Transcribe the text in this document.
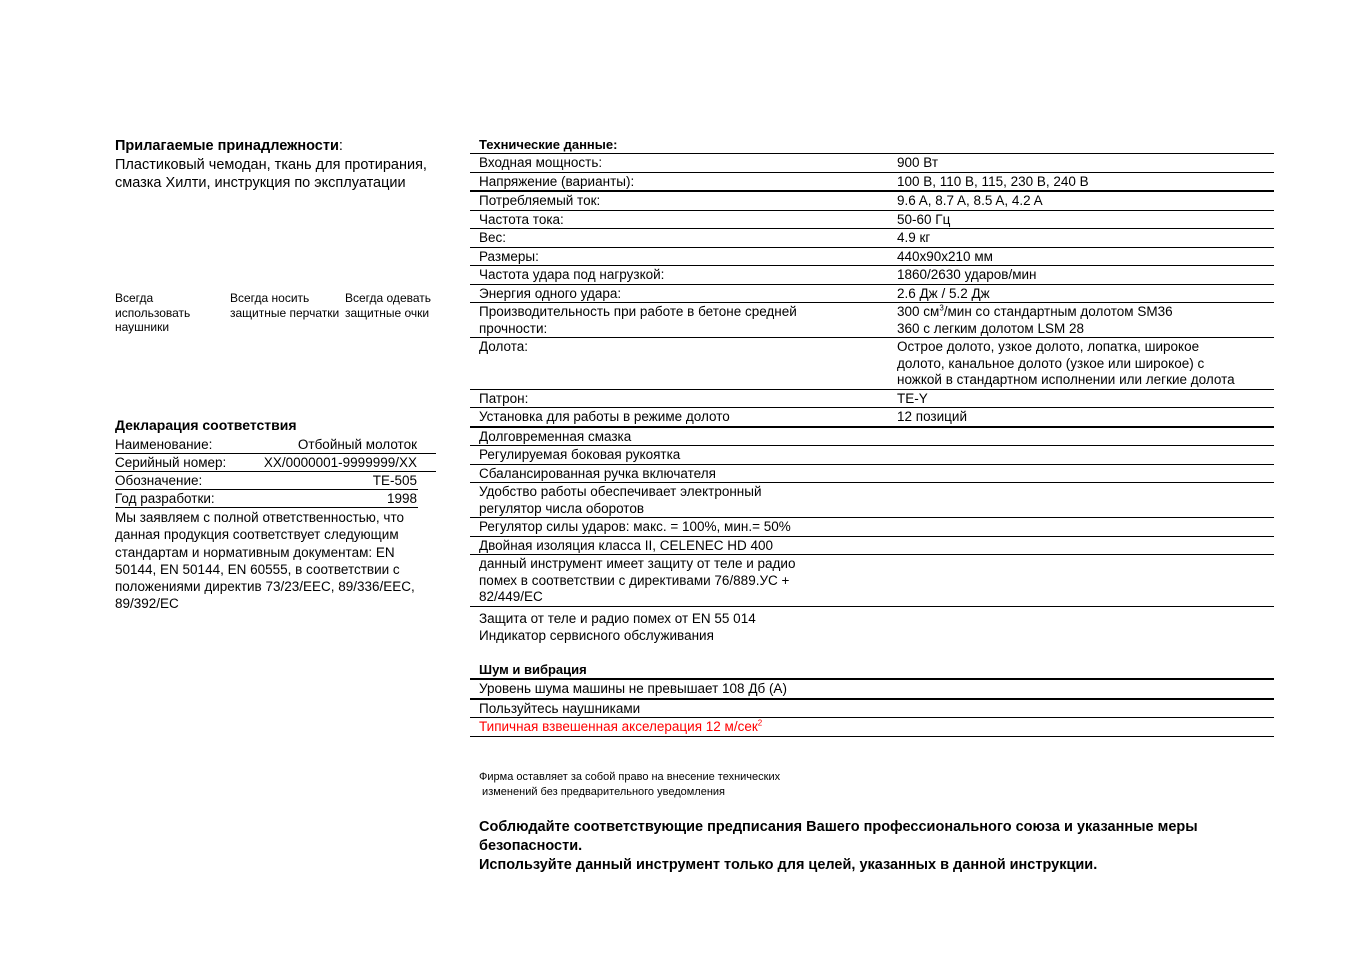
Прилагаемые принадлежности:
Пластиковый чемодан, ткань для протирания, смазка Хилти, инструкция по эксплуатации
Всегда использовать наушники
Всегда носить защитные перчатки
Всегда одевать защитные очки
Декларация соответствия
Наименование:	Отбойный молоток
Серийный номер:	XX/0000001-9999999/XX
Обозначение:	TE-505
Год разработки:	1998
Мы заявляем с полной ответственностью, что данная продукция соответствует следующим стандартам и нормативным документам: EN 50144, EN 50144, EN 60555, в соответствии с положениями директив 73/23/EEC, 89/336/EEC, 89/392/EC
Технические данные:
Входная мощность:	900 Вт
Напряжение (варианты):	100 В, 110 В, 115, 230 В, 240 В
Потребляемый ток:	9.6 A, 8.7 A, 8.5 A, 4.2 A
Частота тока:	50-60 Гц
Вес:	4.9 кг
Размеры:	440x90x210 мм
Частота удара под нагрузкой:	1860/2630 ударов/мин
Энергия одного удара:	2.6 Дж / 5.2 Дж
Производительность при работе в бетоне средней прочности:
300 $см^3$/мин со стандартным долотом SM36
360 с легким долотом LSM 28
Долота:	Острое долото, узкое долото, лопатка, широкое долото, канальное долото (узкое или широкое) с ножкой в стандартном исполнении или легкие долота
Патрон:	TE-Y
Установка для работы в режиме долото	12 позиций
Долговременная смазка
Регулируемая боковая рукоятка
Сбалансированная ручка включателя
Удобство работы обеспечивает электронный регулятор числа оборотов
Регулятор силы ударов: макс. = 100%, мин.= 50%
Двойная изоляция класса II, CELENEC HD 400
данный инструмент имеет защиту от теле и радио помех в соответствии с директивами 76/889.УС + 82/449/ЕС
Защита от теле и радио помех от EN 55 014
Индикатор сервисного обслуживания
Шум и вибрация
Уровень шума машины не превышает 108 Дб (А)
Пользуйтесь наушниками
Типичная взвешенная акселерация 12 м/сек$^2$
Фирма оставляет за собой право на внесение технических
изменений без предварительного уведомления
Соблюдайте соответствующие предписания Вашего профессионального союза и указанные меры безопасности.
Используйте данный инструмент только для целей, указанных в данной инструкции.
